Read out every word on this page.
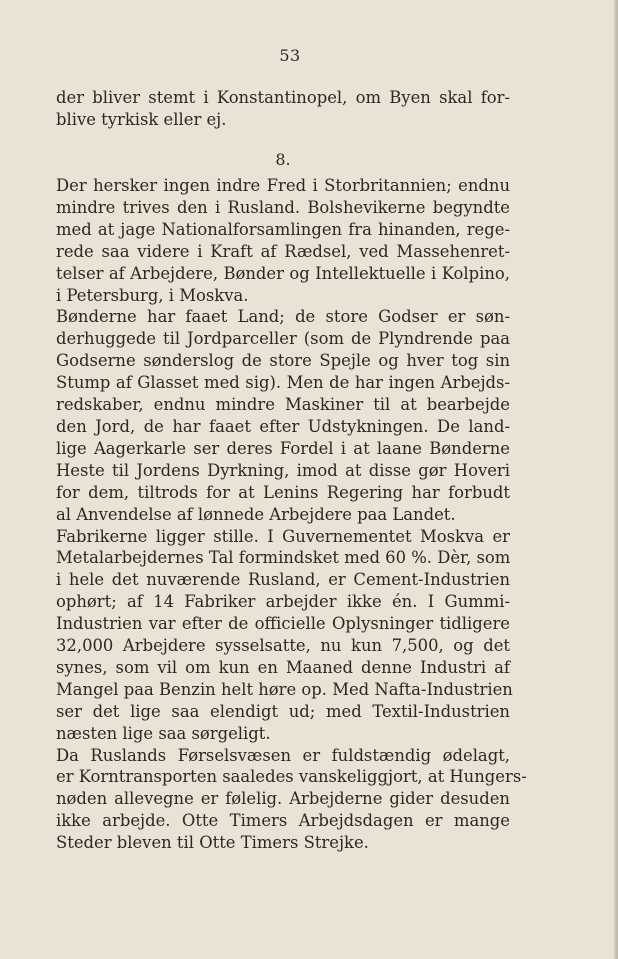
53
der bliver stemt i Konstantinopel, om Byen skal for-
blive tyrkisk eller ej.
8.
Der hersker ingen indre Fred i Storbritannien; endnu
mindre trives den i Rusland. Bolshevikerne begyndte
med at jage Nationalforsamlingen fra hinanden, rege-
rede saa videre i Kraft af Rædsel, ved Massehenret-
telser af Arbejdere, Bønder og Intellektuelle i Kolpino,
i Petersburg, i Moskva.
Bønderne har faaet Land; de store Godser er søn-
derhuggede til Jordparceller (som de Plyndrende paa
Godserne sønderslog de store Spejle og hver tog sin
Stump af Glasset med sig). Men de har ingen Arbejds-
redskaber, endnu mindre Maskiner til at bearbejde
den Jord, de har faaet efter Udstykningen. De land-
lige Aagerkarle ser deres Fordel i at laane Bønderne
Heste til Jordens Dyrkning, imod at disse gør Hoveri
for dem, tiltrods for at Lenins Regering har forbudt
al Anvendelse af lønnede Arbejdere paa Landet.
Fabrikerne ligger stille. I Guvernementet Moskva er
Metalarbejdernes Tal formindsket med 60 %. Dèr, som
i hele det nuværende Rusland, er Cement-Industrien
ophørt; af 14 Fabriker arbejder ikke én. I Gummi-
Industrien var efter de officielle Oplysninger tidligere
32,000 Arbejdere sysselsatte, nu kun 7,500, og det
synes, som vil om kun en Maaned denne Industri af
Mangel paa Benzin helt høre op. Med Nafta-Industrien
ser det lige saa elendigt ud; med Textil-Industrien
næsten lige saa sørgeligt.
Da Ruslands Førselsvæsen er fuldstændig ødelagt,
er Korntransporten saaledes vanskeliggjort, at Hungers-
nøden allevegne er følelig. Arbejderne gider desuden
ikke arbejde. Otte Timers Arbejdsdagen er mange
Steder bleven til Otte Timers Strejke.
